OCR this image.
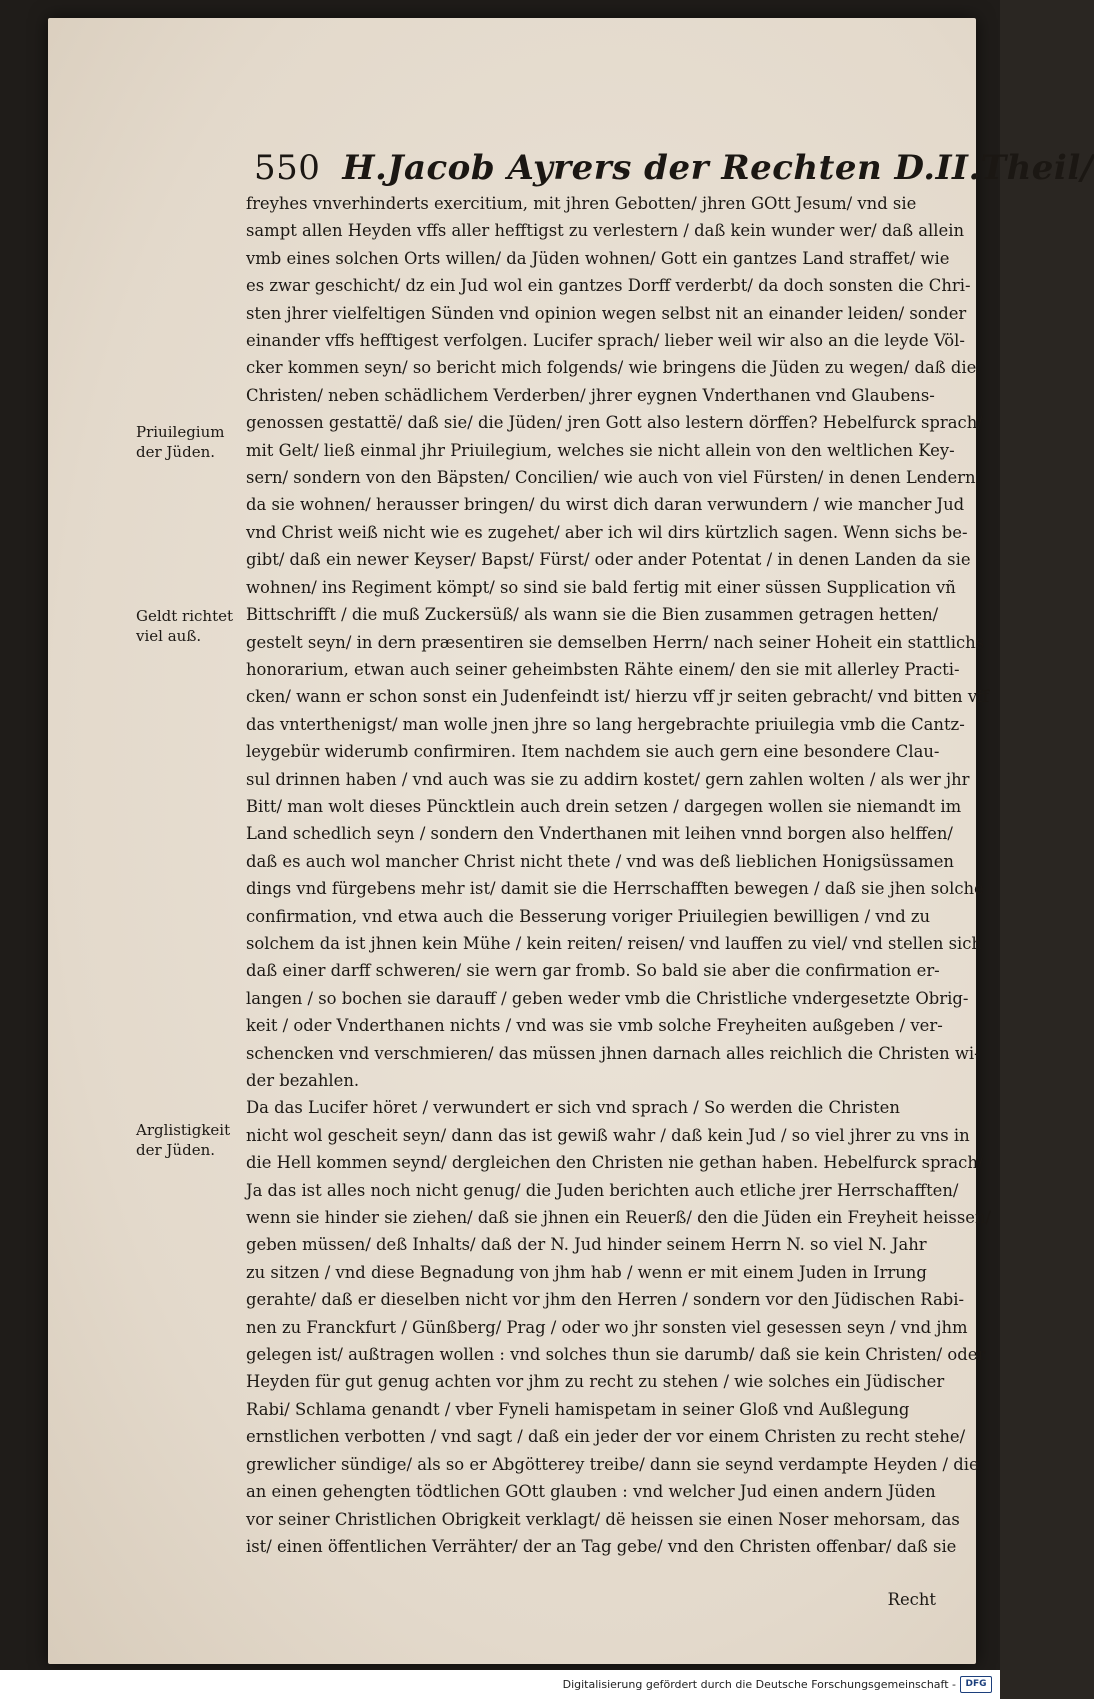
550 H.Jacob Ayrers der Rechten D.II.Theil/
Priuilegium der Jüden.
Geldt richtet viel auß.
Arglistigkeit der Jüden.
freyhes vnverhinderts exercitium, mit jhren Gebotten/ jhren GOtt Jesum/ vnd sie
sampt allen Heyden vffs aller hefftigst zu verlestern / daß kein wunder wer/ daß allein
vmb eines solchen Orts willen/ da Jüden wohnen/ Gott ein gantzes Land straffet/ wie
es zwar geschicht/ dz ein Jud wol ein gantzes Dorff verderbt/ da doch sonsten die Chri-
sten jhrer vielfeltigen Sünden vnd opinion wegen selbst nit an einander leiden/ sonder
einander vffs hefftigest verfolgen. Lucifer sprach/ lieber weil wir also an die leyde Völ-
cker kommen seyn/ so bericht mich folgends/ wie bringens die Jüden zu wegen/ daß die
Christen/ neben schädlichem Verderben/ jhrer eygnen Vnderthanen vnd Glaubens-
genossen gestattë/ daß sie/ die Jüden/ jren Gott also lestern dörffen? Hebelfurck sprach/
mit Gelt/ ließ einmal jhr Priuilegium, welches sie nicht allein von den weltlichen Key-
sern/ sondern von den Bäpsten/ Concilien/ wie auch von viel Fürsten/ in denen Lendern
da sie wohnen/ herausser bringen/ du wirst dich daran verwundern / wie mancher Jud
vnd Christ weiß nicht wie es zugehet/ aber ich wil dirs kürtzlich sagen. Wenn sichs be-
gibt/ daß ein newer Keyser/ Bapst/ Fürst/ oder ander Potentat / in denen Landen da sie
wohnen/ ins Regiment kömpt/ so sind sie bald fertig mit einer süssen Supplication vñ
Bittschrifft / die muß Zuckersüß/ als wann sie die Bien zusammen getragen hetten/
gestelt seyn/ in dern præsentiren sie demselben Herrn/ nach seiner Hoheit ein stattlichs
honorarium, etwan auch seiner geheimbsten Rähte einem/ den sie mit allerley Practi-
cken/ wann er schon sonst ein Judenfeindt ist/ hierzu vff jr seiten gebracht/ vnd bitten vff
das vnterthenigst/ man wolle jnen jhre so lang hergebrachte priuilegia vmb die Cantz-
leygebür widerumb confirmiren. Item nachdem sie auch gern eine besondere Clau-
sul drinnen haben / vnd auch was sie zu addirn kostet/ gern zahlen wolten / als wer jhr
Bitt/ man wolt dieses Püncktlein auch drein setzen / dargegen wollen sie niemandt im
Land schedlich seyn / sondern den Vnderthanen mit leihen vnnd borgen also helffen/
daß es auch wol mancher Christ nicht thete / vnd was deß lieblichen Honigsüssamen
dings vnd fürgebens mehr ist/ damit sie die Herrschafften bewegen / daß sie jhen solche
confirmation, vnd etwa auch die Besserung voriger Priuilegien bewilligen / vnd zu
solchem da ist jhnen kein Mühe / kein reiten/ reisen/ vnd lauffen zu viel/ vnd stellen sich
daß einer darff schweren/ sie wern gar fromb. So bald sie aber die confirmation er-
langen / so bochen sie darauff / geben weder vmb die Christliche vndergesetzte Obrig-
keit / oder Vnderthanen nichts / vnd was sie vmb solche Freyheiten außgeben / ver-
schencken vnd verschmieren/ das müssen jhnen darnach alles reichlich die Christen wi-
der bezahlen.
Da das Lucifer höret / verwundert er sich vnd sprach / So werden die Christen
nicht wol gescheit seyn/ dann das ist gewiß wahr / daß kein Jud / so viel jhrer zu vns in
die Hell kommen seynd/ dergleichen den Christen nie gethan haben. Hebelfurck sprach/
Ja das ist alles noch nicht genug/ die Juden berichten auch etliche jrer Herrschafften/
wenn sie hinder sie ziehen/ daß sie jhnen ein Reuerß/ den die Jüden ein Freyheit heissen/
geben müssen/ deß Inhalts/ daß der N. Jud hinder seinem Herrn N. so viel N. Jahr
zu sitzen / vnd diese Begnadung von jhm hab / wenn er mit einem Juden in Irrung
gerahte/ daß er dieselben nicht vor jhm den Herren / sondern vor den Jüdischen Rabi-
nen zu Franckfurt / Günßberg/ Prag / oder wo jhr sonsten viel gesessen seyn / vnd jhm
gelegen ist/ außtragen wollen : vnd solches thun sie darumb/ daß sie kein Christen/ oder
Heyden für gut genug achten vor jhm zu recht zu stehen / wie solches ein Jüdischer
Rabi/ Schlama genandt / vber Fyneli hamispetam in seiner Gloß vnd Außlegung
ernstlichen verbotten / vnd sagt / daß ein jeder der vor einem Christen zu recht stehe/
grewlicher sündige/ als so er Abgötterey treibe/ dann sie seynd verdampte Heyden / die
an einen gehengten tödtlichen GOtt glauben : vnd welcher Jud einen andern Jüden
vor seiner Christlichen Obrigkeit verklagt/ dë heissen sie einen Noser mehorsam, das
ist/ einen öffentlichen Verrähter/ der an Tag gebe/ vnd den Christen offenbar/ daß sie
Recht
Digitalisierung gefördert durch die Deutsche Forschungsgemeinschaft -	DFG
